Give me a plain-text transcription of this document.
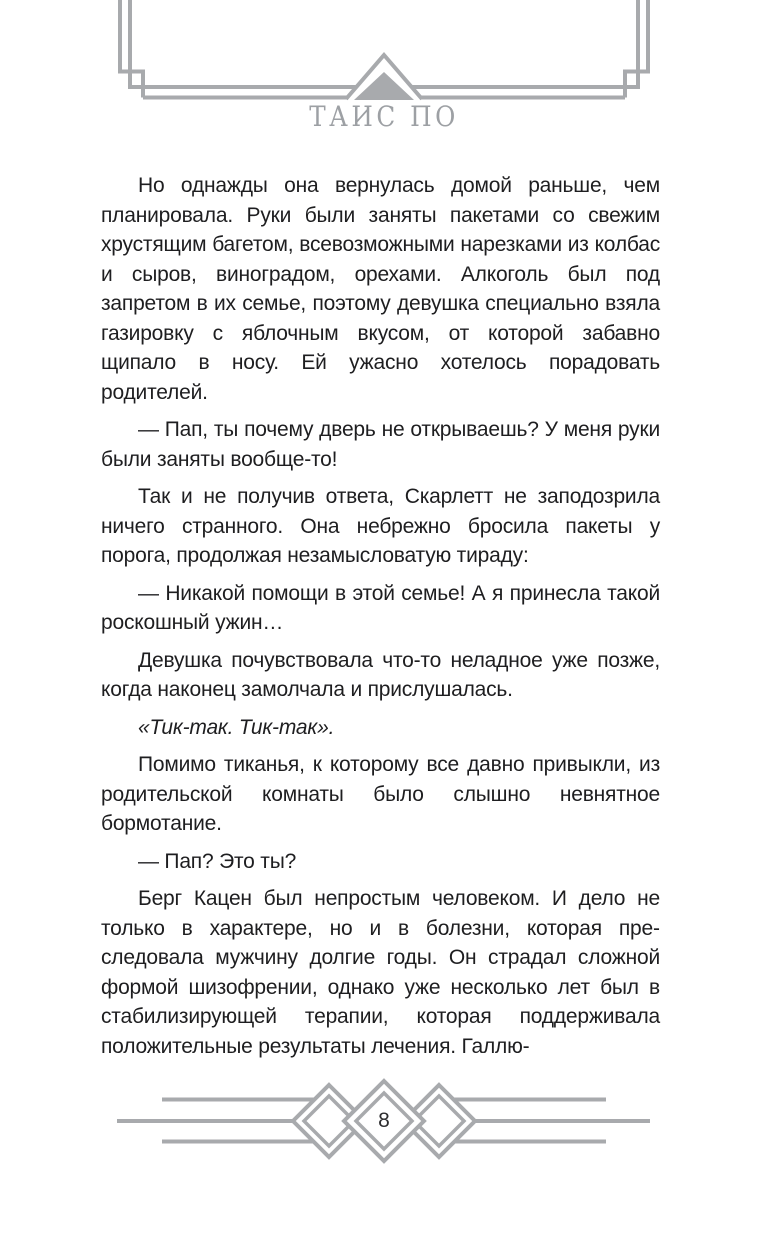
ТАИС ПО

Но однажды она вернулась домой раньше, чем планировала. Руки были заняты пакетами со свежим хрустящим багетом, всевозможными нарезками из колбас и сыров, виноградом, орехами. Алкоголь был под запретом в их семье, поэтому девушка специально взяла газировку с яблочным вкусом, от которой забавно щипало в носу. Ей ужасно хотелось порадовать родителей.

— Пап, ты почему дверь не открываешь? У меня руки были заняты вообще-то!

Так и не получив ответа, Скарлетт не заподозрила ничего странного. Она небрежно бросила пакеты у порога, продолжая незамысловатую тираду:

— Никакой помощи в этой семье! А я принесла такой роскошный ужин…

Девушка почувствовала что-то неладное уже позже, когда наконец замолчала и прислушалась.

«Тик-так. Тик-так».

Помимо тиканья, к которому все давно привыкли, из родительской комнаты было слышно невнятное бормотание.

— Пап? Это ты?

Берг Кацен был непростым человеком. И дело не только в характере, но и в болезни, которая преследовала мужчину долгие годы. Он страдал сложной формой шизофрении, однако уже несколько лет был в стабилизирующей терапии, которая поддерживала положительные результаты лечения. Галлю-

8
